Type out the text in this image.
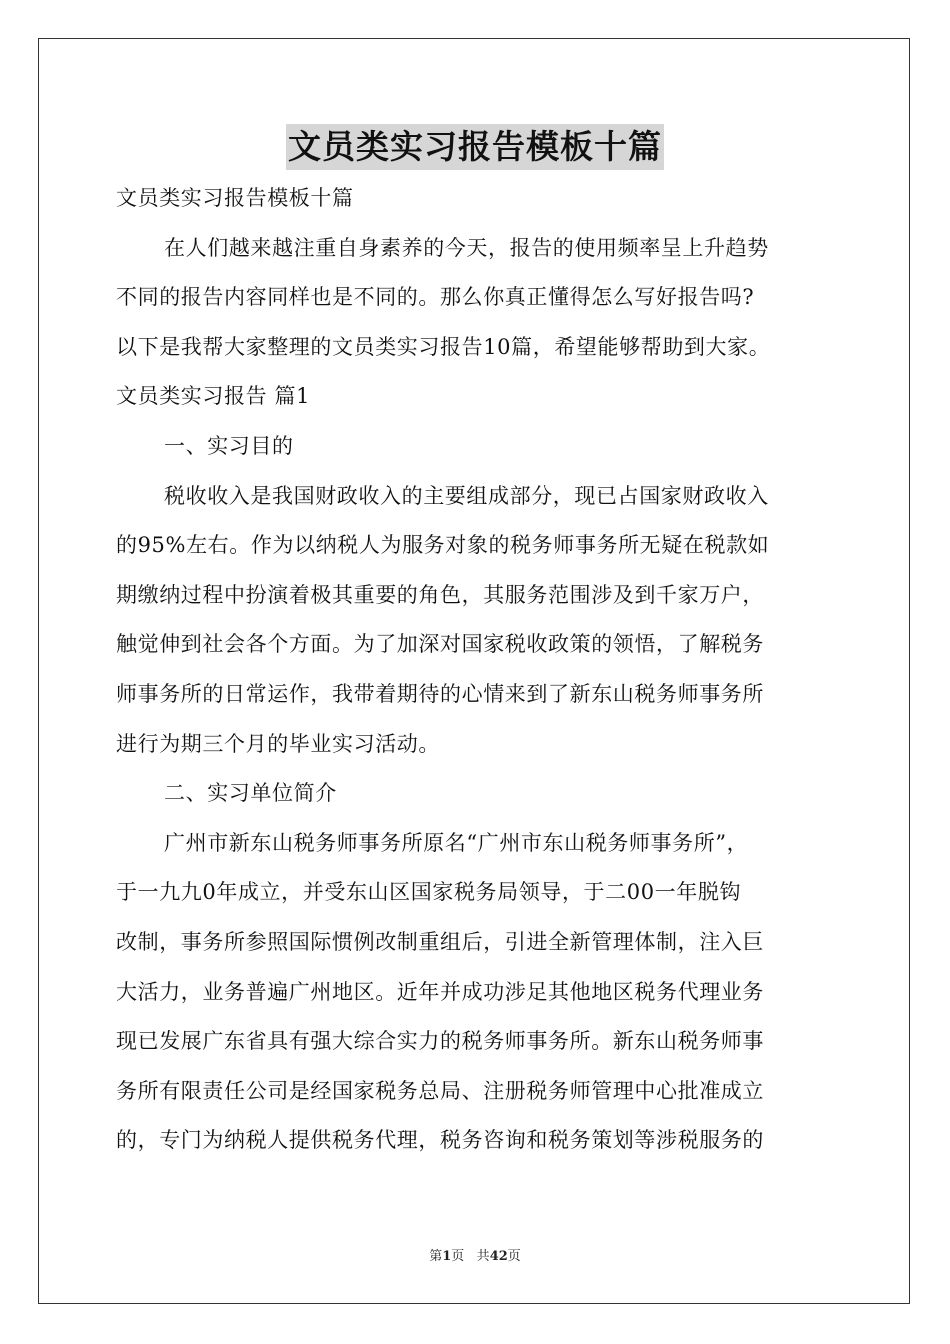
文员类实习报告模板十篇

文员类实习报告模板十篇

在人们越来越注重自身素养的今天，报告的使用频率呈上升趋势

不同的报告内容同样也是不同的。那么你真正懂得怎么写好报告吗?

以下是我帮大家整理的文员类实习报告10篇，希望能够帮助到大家。

文员类实习报告 篇1

一、实习目的

税收收入是我国财政收入的主要组成部分，现已占国家财政收入

的95%左右。作为以纳税人为服务对象的税务师事务所无疑在税款如

期缴纳过程中扮演着极其重要的角色，其服务范围涉及到千家万户，

触觉伸到社会各个方面。为了加深对国家税收政策的领悟，了解税务

师事务所的日常运作，我带着期待的心情来到了新东山税务师事务所

进行为期三个月的毕业实习活动。

二、实习单位简介

广州市新东山税务师事务所原名“广州市东山税务师事务所”，

于一九九0年成立，并受东山区国家税务局领导，于二00一年脱钩

改制，事务所参照国际惯例改制重组后，引进全新管理体制，注入巨

大活力，业务普遍广州地区。近年并成功涉足其他地区税务代理业务

现已发展广东省具有强大综合实力的税务师事务所。新东山税务师事

务所有限责任公司是经国家税务总局、注册税务师管理中心批准成立

的，专门为纳税人提供税务代理，税务咨询和税务策划等涉税服务的

第1页 共42页
